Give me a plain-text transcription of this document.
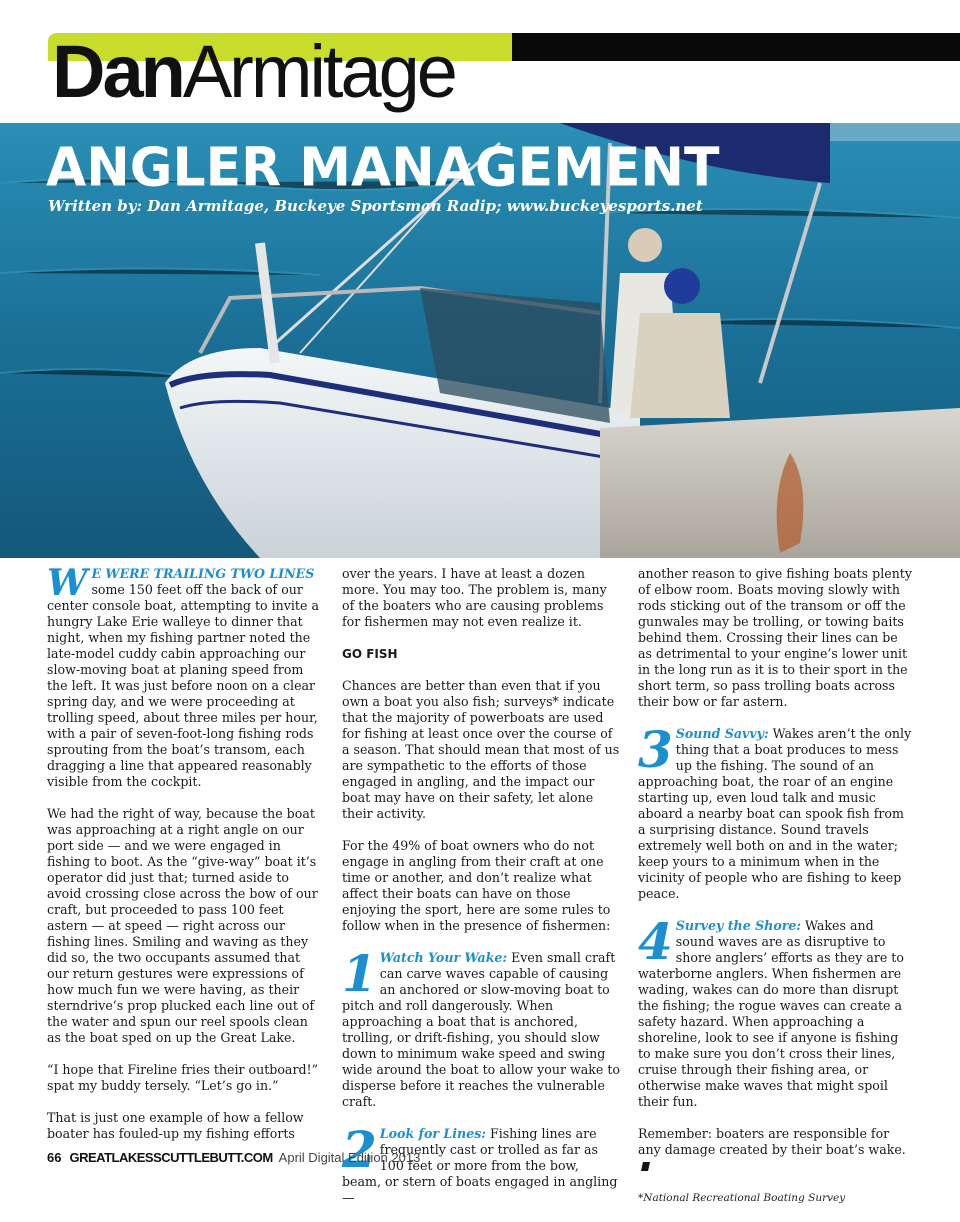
DanArmitage
ANGLER MANAGEMENT
Written by: Dan Armitage, Buckeye Sportsman Radip; www.buckeyesports.net

W E WERE TRAILING TWO LINES some 150 feet off the back of our center console boat, attempting to invite a hungry Lake Erie walleye to dinner that night, when my fishing partner noted the late-model cuddy cabin approaching our slow-moving boat at planing speed from the left. It was just before noon on a clear spring day, and we were proceeding at trolling speed, about three miles per hour, with a pair of seven-foot-long fishing rods sprouting from the boat’s transom, each dragging a line that appeared reasonably visible from the cockpit.

We had the right of way, because the boat was approaching at a right angle on our port side — and we were engaged in fishing to boot. As the “give-way” boat it’s operator did just that; turned aside to avoid crossing close across the bow of our craft, but proceeded to pass 100 feet astern — at speed — right across our fishing lines. Smiling and waving as they did so, the two occupants assumed that our return gestures were expressions of how much fun we were having, as their sterndrive’s prop plucked each line out of the water and spun our reel spools clean as the boat sped on up the Great Lake.

“I hope that Fireline fries their outboard!” spat my buddy tersely. “Let’s go in.”

That is just one example of how a fellow boater has fouled-up my fishing efforts

over the years. I have at least a dozen more. You may too. The problem is, many of the boaters who are causing problems for fishermen may not even realize it.

GO FISH

Chances are better than even that if you own a boat you also fish; surveys* indicate that the majority of powerboats are used for fishing at least once over the course of a season. That should mean that most of us are sympathetic to the efforts of those engaged in angling, and the impact our boat may have on their safety, let alone their activity.

For the 49% of boat owners who do not engage in angling from their craft at one time or another, and don’t realize what affect their boats can have on those enjoying the sport, here are some rules to follow when in the presence of fishermen:

1 Watch Your Wake: Even small craft can carve waves capable of causing an anchored or slow-moving boat to pitch and roll dangerously. When approaching a boat that is anchored, trolling, or drift-fishing, you should slow down to minimum wake speed and swing wide around the boat to allow your wake to disperse before it reaches the vulnerable craft.

2 Look for Lines: Fishing lines are frequently cast or trolled as far as 100 feet or more from the bow, beam, or stern of boats engaged in angling —

another reason to give fishing boats plenty of elbow room. Boats moving slowly with rods sticking out of the transom or off the gunwales may be trolling, or towing baits behind them. Crossing their lines can be as detrimental to your engine’s lower unit in the long run as it is to their sport in the short term, so pass trolling boats across their bow or far astern.

3 Sound Savvy: Wakes aren’t the only thing that a boat produces to mess up the fishing. The sound of an approaching boat, the roar of an engine starting up, even loud talk and music aboard a nearby boat can spook fish from a surprising distance. Sound travels extremely well both on and in the water; keep yours to a minimum when in the vicinity of people who are fishing to keep peace.

4 Survey the Shore: Wakes and sound waves are as disruptive to shore anglers’ efforts as they are to waterborne anglers. When fishermen are wading, wakes can do more than disrupt the fishing; the rogue waves can create a safety hazard. When approaching a shoreline, look to see if anyone is fishing to make sure you don’t cross their lines, cruise through their fishing area, or otherwise make waves that might spoil their fun.

Remember: boaters are responsible for any damage created by their boat’s wake.

*National Recreational Boating Survey

66 GREATLAKESSCUTTLEBUTT.COM April Digital Edition 2013
